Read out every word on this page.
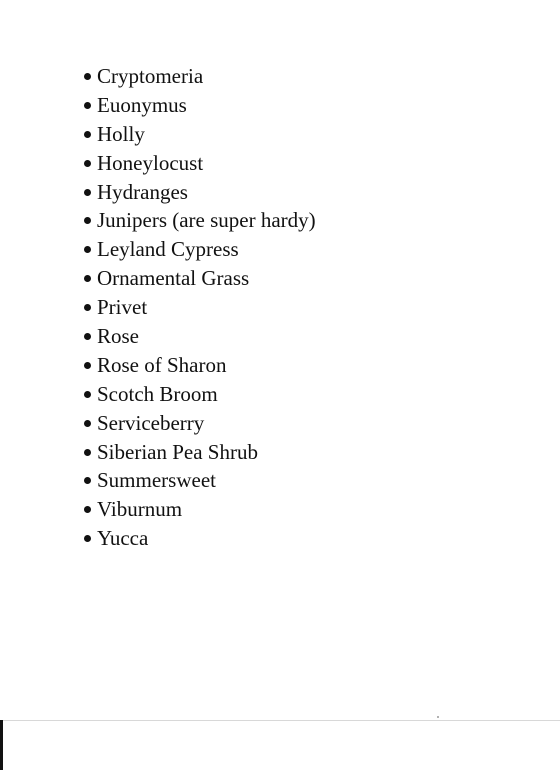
Cryptomeria
Euonymus
Holly
Honeylocust
Hydranges
Junipers (are super hardy)
Leyland Cypress
Ornamental Grass
Privet
Rose
Rose of Sharon
Scotch Broom
Serviceberry
Siberian Pea Shrub
Summersweet
Viburnum
Yucca
